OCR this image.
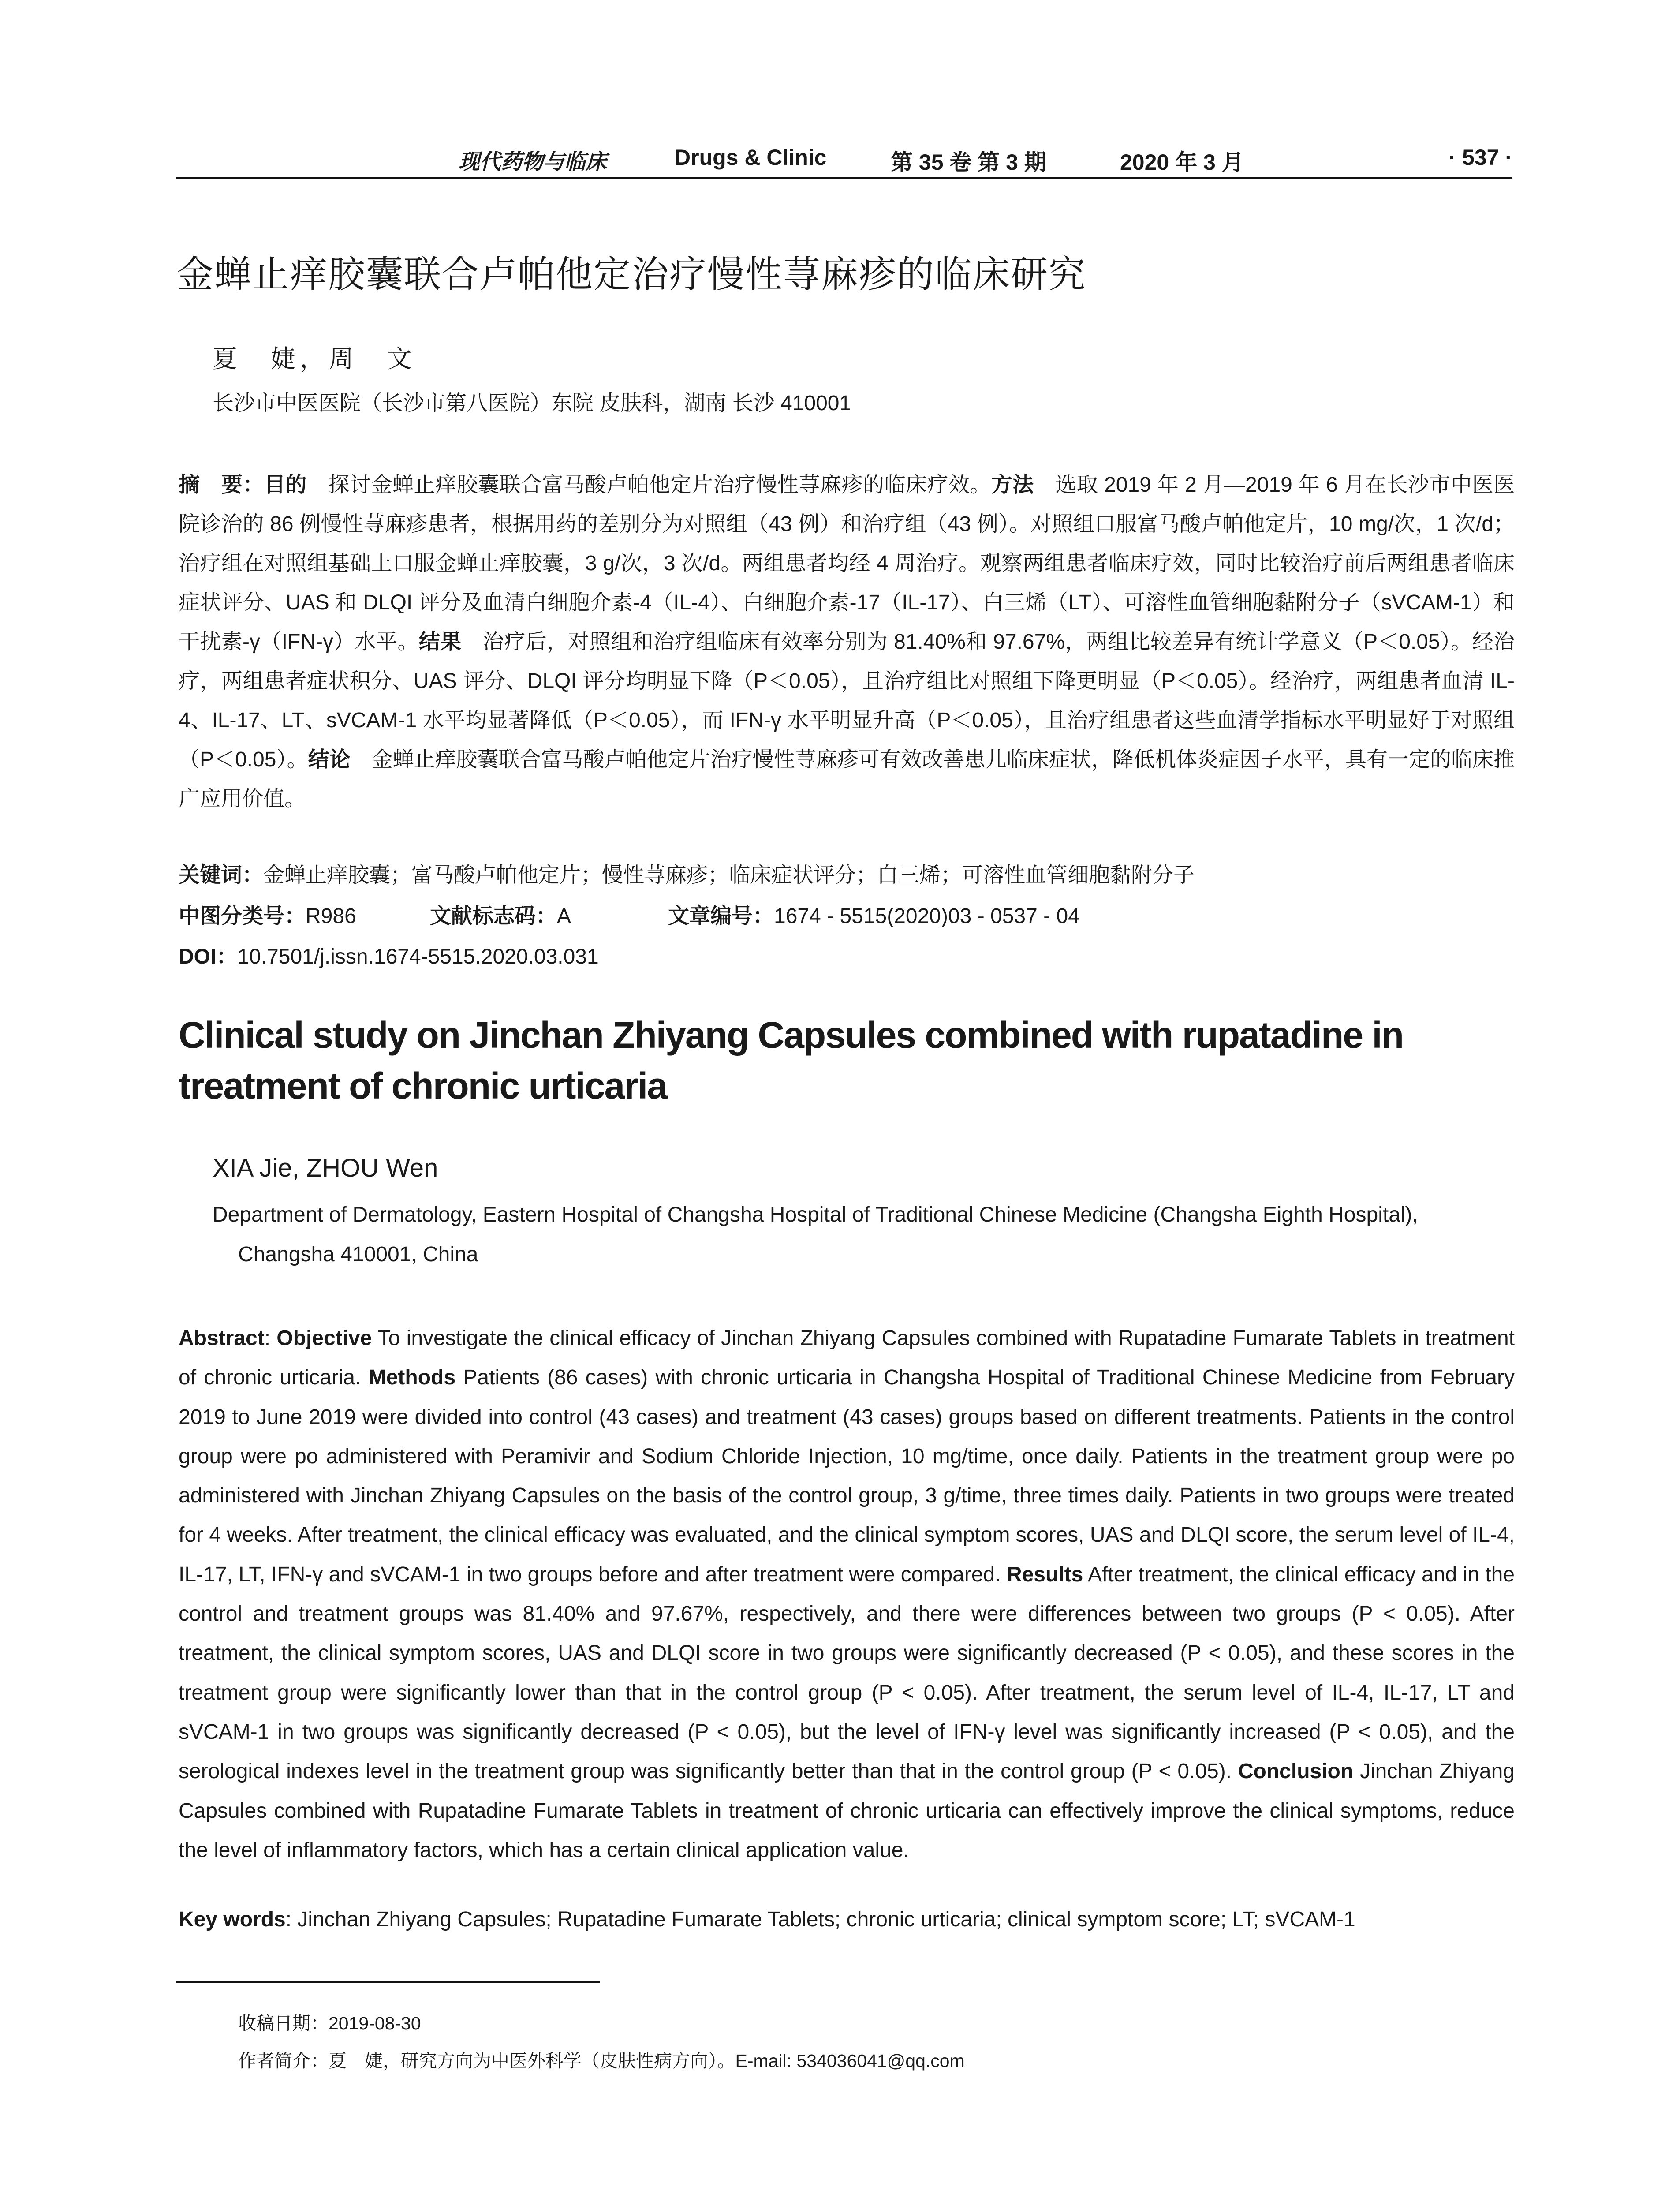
现代药物与临床	Drugs & Clinic	第 35 卷 第 3 期	2020 年 3 月	· 537 ·
金蝉止痒胶囊联合卢帕他定治疗慢性荨麻疹的临床研究
夏　婕，周　文
长沙市中医医院（长沙市第八医院）东院 皮肤科，湖南 长沙 410001
摘　要：目的　探讨金蝉止痒胶囊联合富马酸卢帕他定片治疗慢性荨麻疹的临床疗效。方法　选取 2019 年 2 月—2019 年 6 月在长沙市中医医院诊治的 86 例慢性荨麻疹患者，根据用药的差别分为对照组（43 例）和治疗组（43 例）。对照组口服富马酸卢帕他定片，10 mg/次，1 次/d；治疗组在对照组基础上口服金蝉止痒胶囊，3 g/次，3 次/d。两组患者均经 4 周治疗。观察两组患者临床疗效，同时比较治疗前后两组患者临床症状评分、UAS 和 DLQI 评分及血清白细胞介素-4（IL-4）、白细胞介素-17（IL-17）、白三烯（LT）、可溶性血管细胞黏附分子（sVCAM-1）和干扰素-γ（IFN-γ）水平。结果　治疗后，对照组和治疗组临床有效率分别为 81.40%和 97.67%，两组比较差异有统计学意义（P＜0.05）。经治疗，两组患者症状积分、UAS 评分、DLQI 评分均明显下降（P＜0.05），且治疗组比对照组下降更明显（P＜0.05）。经治疗，两组患者血清 IL-4、IL-17、LT、sVCAM-1 水平均显著降低（P＜0.05），而 IFN-γ 水平明显升高（P＜0.05），且治疗组患者这些血清学指标水平明显好于对照组（P＜0.05）。结论　金蝉止痒胶囊联合富马酸卢帕他定片治疗慢性荨麻疹可有效改善患儿临床症状，降低机体炎症因子水平，具有一定的临床推广应用价值。
关键词：金蝉止痒胶囊；富马酸卢帕他定片；慢性荨麻疹；临床症状评分；白三烯；可溶性血管细胞黏附分子
中图分类号：R986	文献标志码：A	文章编号：1674 - 5515(2020)03 - 0537 - 04
DOI：10.7501/j.issn.1674-5515.2020.03.031
Clinical study on Jinchan Zhiyang Capsules combined with rupatadine in treatment of chronic urticaria
XIA Jie, ZHOU Wen
Department of Dermatology, Eastern Hospital of Changsha Hospital of Traditional Chinese Medicine (Changsha Eighth Hospital),
Changsha 410001, China
Abstract: Objective To investigate the clinical efficacy of Jinchan Zhiyang Capsules combined with Rupatadine Fumarate Tablets in treatment of chronic urticaria. Methods Patients (86 cases) with chronic urticaria in Changsha Hospital of Traditional Chinese Medicine from February 2019 to June 2019 were divided into control (43 cases) and treatment (43 cases) groups based on different treatments. Patients in the control group were po administered with Peramivir and Sodium Chloride Injection, 10 mg/time, once daily. Patients in the treatment group were po administered with Jinchan Zhiyang Capsules on the basis of the control group, 3 g/time, three times daily. Patients in two groups were treated for 4 weeks. After treatment, the clinical efficacy was evaluated, and the clinical symptom scores, UAS and DLQI score, the serum level of IL-4, IL-17, LT, IFN-γ and sVCAM-1 in two groups before and after treatment were compared. Results After treatment, the clinical efficacy and in the control and treatment groups was 81.40% and 97.67%, respectively, and there were differences between two groups (P < 0.05). After treatment, the clinical symptom scores, UAS and DLQI score in two groups were significantly decreased (P < 0.05), and these scores in the treatment group were significantly lower than that in the control group (P < 0.05). After treatment, the serum level of IL-4, IL-17, LT and sVCAM-1 in two groups was significantly decreased (P < 0.05), but the level of IFN-γ level was significantly increased (P < 0.05), and the serological indexes level in the treatment group was significantly better than that in the control group (P < 0.05). Conclusion Jinchan Zhiyang Capsules combined with Rupatadine Fumarate Tablets in treatment of chronic urticaria can effectively improve the clinical symptoms, reduce the level of inflammatory factors, which has a certain clinical application value.
Key words: Jinchan Zhiyang Capsules; Rupatadine Fumarate Tablets; chronic urticaria; clinical symptom score; LT; sVCAM-1
收稿日期：2019-08-30
作者简介：夏　婕，研究方向为中医外科学（皮肤性病方向）。E-mail: 534036041@qq.com
